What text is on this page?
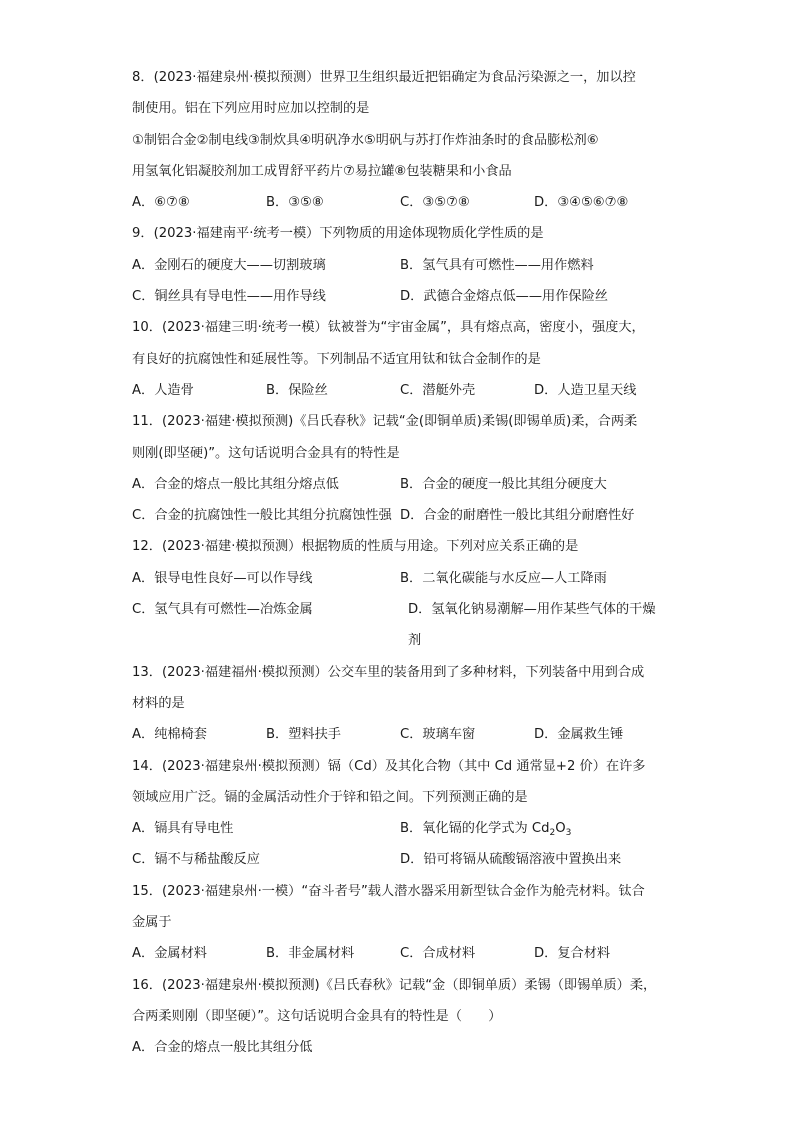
8．(2023·福建泉州·模拟预测）世界卫生组织最近把铝确定为食品污染源之一，加以控
制使用。铝在下列应用时应加以控制的是
①制铝合金②制电线③制炊具④明矾净水⑤明矾与苏打作炸油条时的食品膨松剂⑥
用氢氧化铝凝胶剂加工成胃舒平药片⑦易拉罐⑧包装糖果和小食品
A．⑥⑦⑧	B．③⑤⑧	C．③⑤⑦⑧	D．③④⑤⑥⑦⑧
9．(2023·福建南平·统考一模）下列物质的用途体现物质化学性质的是
A．金刚石的硬度大——切割玻璃	B．氢气具有可燃性——用作燃料
C．铜丝具有导电性——用作导线	D．武德合金熔点低——用作保险丝
10．(2023·福建三明·统考一模）钛被誉为“宇宙金属”，具有熔点高，密度小，强度大，
有良好的抗腐蚀性和延展性等。下列制品不适宜用钛和钛合金制作的是
A．人造骨	B．保险丝	C．潜艇外壳	D．人造卫星天线
11．(2023·福建·模拟预测)《吕氏春秋》记载“金(即铜单质)柔锡(即锡单质)柔，合两柔
则刚(即坚硬)”。这句话说明合金具有的特性是
A．合金的熔点一般比其组分熔点低	B．合金的硬度一般比其组分硬度大
C．合金的抗腐蚀性一般比其组分抗腐蚀性强 D．合金的耐磨性一般比其组分耐磨性好
12．(2023·福建·模拟预测）根据物质的性质与用途。下列对应关系正确的是
A．银导电性良好—可以作导线	B．二氧化碳能与水反应—人工降雨
C．氢气具有可燃性—冶炼金属	D．氢氧化钠易潮解—用作某些气体的干燥剂
13．(2023·福建福州·模拟预测）公交车里的装备用到了多种材料，下列装备中用到合成
材料的是
A．纯棉椅套	B．塑料扶手	C．玻璃车窗	D．金属救生锤
14．(2023·福建泉州·模拟预测）镉（Cd）及其化合物（其中 Cd 通常显+2 价）在许多
领域应用广泛。镉的金属活动性介于锌和铅之间。下列预测正确的是
A．镉具有导电性	B．氧化镉的化学式为 $Cd_2O_3$
C．镉不与稀盐酸反应	D．铅可将镉从硫酸镉溶液中置换出来
15．(2023·福建泉州·一模）“奋斗者号”载人潜水器采用新型钛合金作为舱壳材料。钛合
金属于
A．金属材料	B．非金属材料	C．合成材料	D．复合材料
16．(2023·福建泉州·模拟预测)《吕氏春秋》记载“金（即铜单质）柔锡（即锡单质）柔，
合两柔则刚（即坚硬）”。这句话说明合金具有的特性是（　　）
A．合金的熔点一般比其组分低
